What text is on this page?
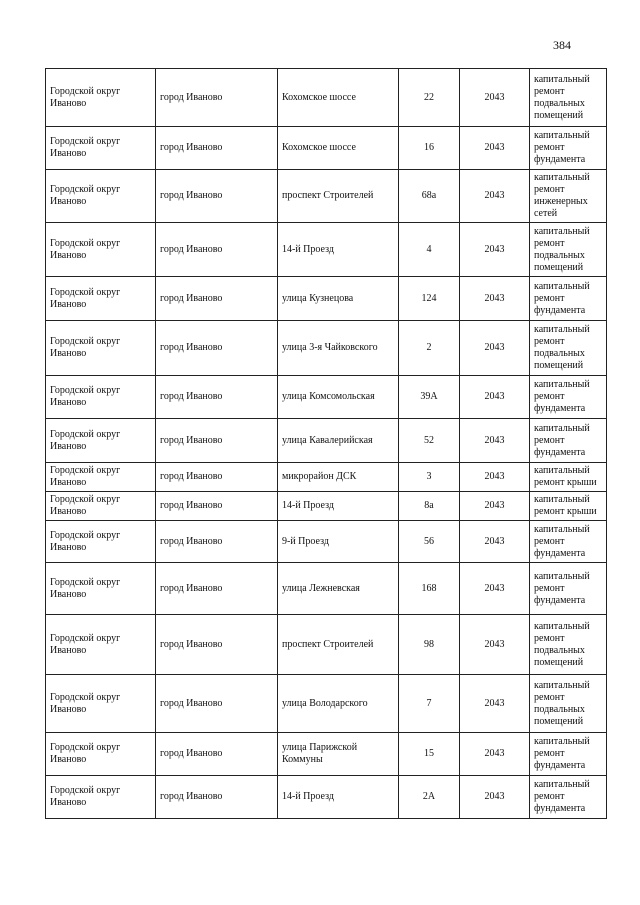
384
Городской округ Иваново	город Иваново	Кохомское шоссе	22	2043	капитальный ремонт подвальных помещений
Городской округ Иваново	город Иваново	Кохомское шоссе	16	2043	капитальный ремонт фундамента
Городской округ Иваново	город Иваново	проспект Строителей	68а	2043	капитальный ремонт инженерных сетей
Городской округ Иваново	город Иваново	14-й Проезд	4	2043	капитальный ремонт подвальных помещений
Городской округ Иваново	город Иваново	улица Кузнецова	124	2043	капитальный ремонт фундамента
Городской округ Иваново	город Иваново	улица 3-я Чайковского	2	2043	капитальный ремонт подвальных помещений
Городской округ Иваново	город Иваново	улица Комсомольская	39А	2043	капитальный ремонт фундамента
Городской округ Иваново	город Иваново	улица Кавалерийская	52	2043	капитальный ремонт фундамента
Городской округ Иваново	город Иваново	микрорайон ДСК	3	2043	капитальный ремонт крыши
Городской округ Иваново	город Иваново	14-й Проезд	8а	2043	капитальный ремонт крыши
Городской округ Иваново	город Иваново	9-й Проезд	56	2043	капитальный ремонт фундамента
Городской округ Иваново	город Иваново	улица Лежневская	168	2043	капитальный ремонт фундамента
Городской округ Иваново	город Иваново	проспект Строителей	98	2043	капитальный ремонт подвальных помещений
Городской округ Иваново	город Иваново	улица Володарского	7	2043	капитальный ремонт подвальных помещений
Городской округ Иваново	город Иваново	улица Парижской Коммуны	15	2043	капитальный ремонт фундамента
Городской округ Иваново	город Иваново	14-й Проезд	2А	2043	капитальный ремонт фундамента
